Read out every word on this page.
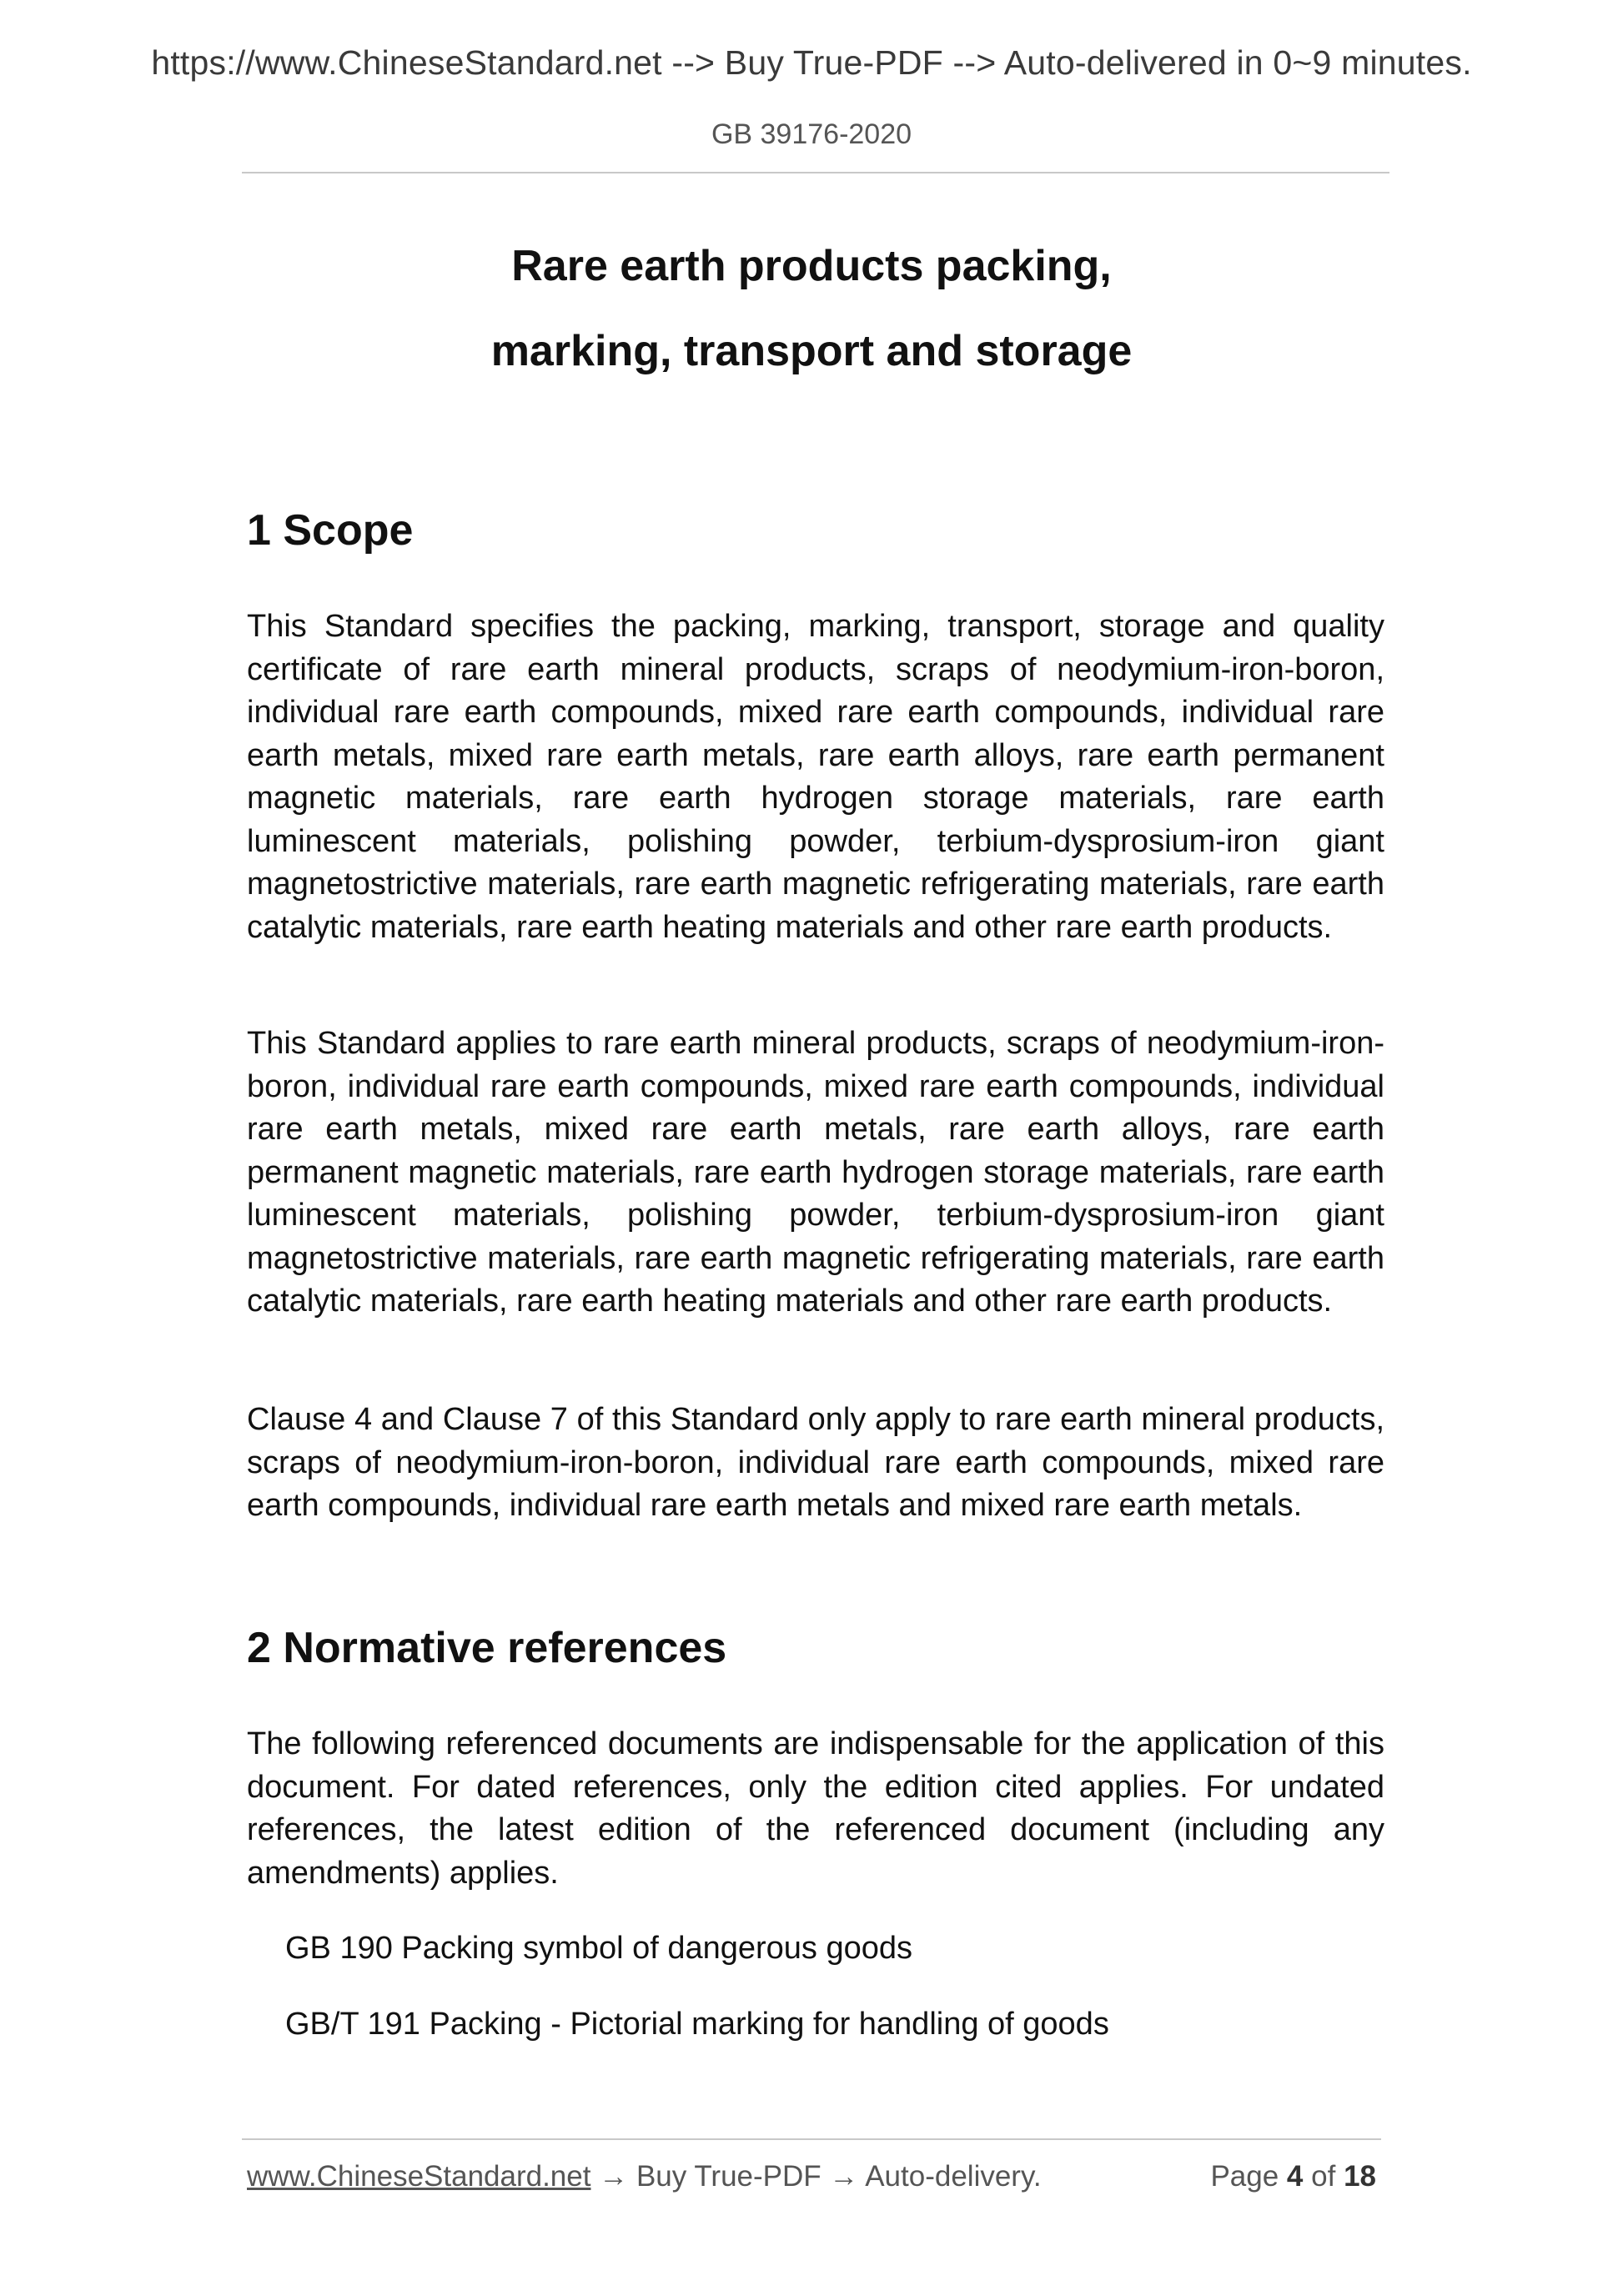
https://www.ChineseStandard.net --> Buy True-PDF --> Auto-delivered in 0~9 minutes.
GB 39176-2020
Rare earth products packing,
marking, transport and storage
1 Scope

This Standard specifies the packing, marking, transport, storage and quality certificate of rare earth mineral products, scraps of neodymium-iron-boron, individual rare earth compounds, mixed rare earth compounds, individual rare earth metals, mixed rare earth metals, rare earth alloys, rare earth permanent magnetic materials, rare earth hydrogen storage materials, rare earth luminescent materials, polishing powder, terbium-dysprosium-iron giant magnetostrictive materials, rare earth magnetic refrigerating materials, rare earth catalytic materials, rare earth heating materials and other rare earth products.

This Standard applies to rare earth mineral products, scraps of neodymium-iron-boron, individual rare earth compounds, mixed rare earth compounds, individual rare earth metals, mixed rare earth metals, rare earth alloys, rare earth permanent magnetic materials, rare earth hydrogen storage materials, rare earth luminescent materials, polishing powder, terbium-dysprosium-iron giant magnetostrictive materials, rare earth magnetic refrigerating materials, rare earth catalytic materials, rare earth heating materials and other rare earth products.

Clause 4 and Clause 7 of this Standard only apply to rare earth mineral products, scraps of neodymium-iron-boron, individual rare earth compounds, mixed rare earth compounds, individual rare earth metals and mixed rare earth metals.

2 Normative references

The following referenced documents are indispensable for the application of this document. For dated references, only the edition cited applies. For undated references, the latest edition of the referenced document (including any amendments) applies.

GB 190 Packing symbol of dangerous goods

GB/T 191 Packing - Pictorial marking for handling of goods

www.ChineseStandard.net → Buy True-PDF → Auto-delivery.	Page 4 of 18
